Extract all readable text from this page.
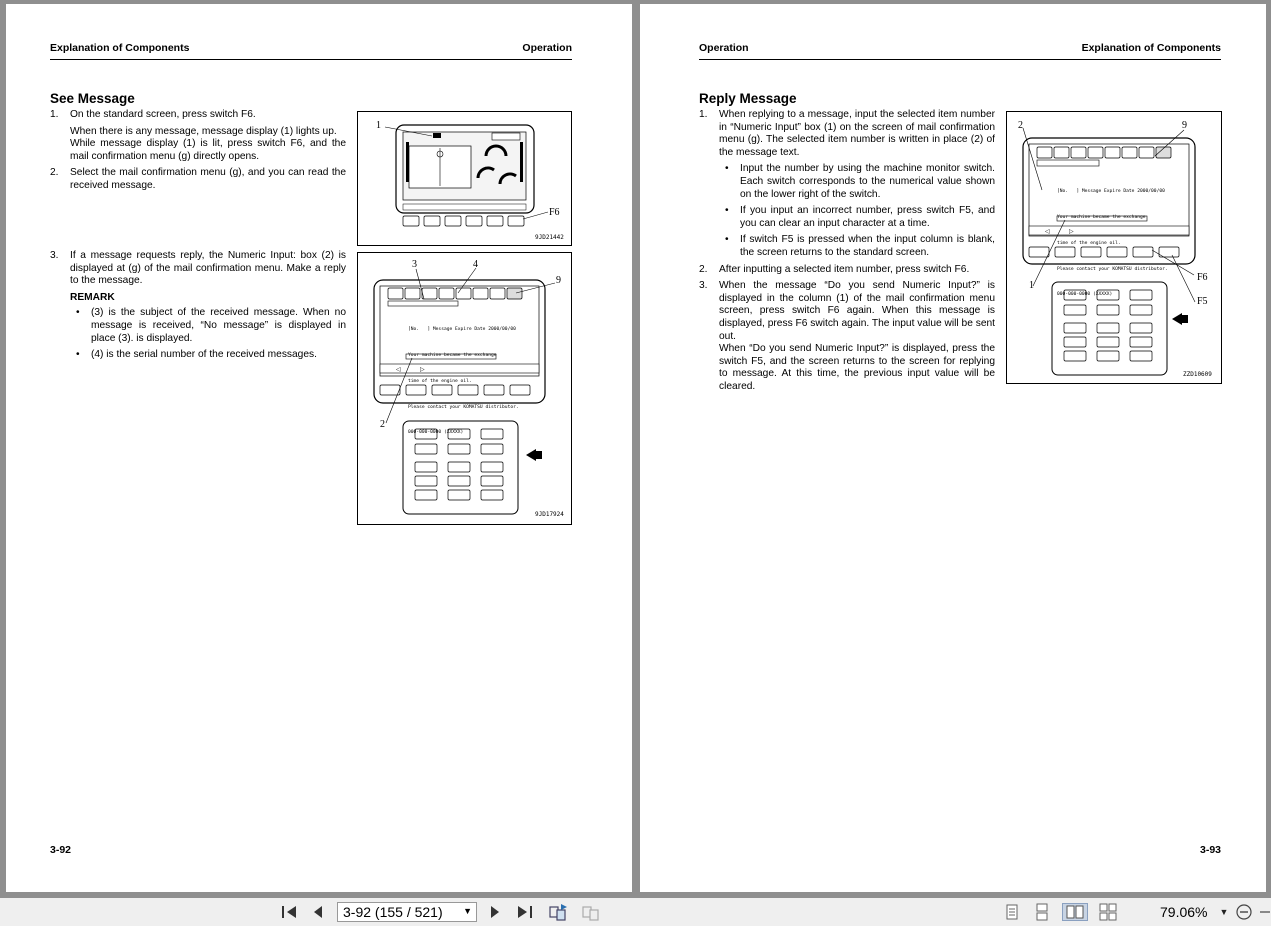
Explanation of Components	Operation
See Message
1. On the standard screen, press switch F6.
When there is any message, message display (1) lights up.
While message display (1) is lit, press switch F6, and the mail confirmation menu (g) directly opens.
2. Select the mail confirmation menu (g), and you can read the received message.
1
F6
9JD21442
3. If a message requests reply, the Numeric Input: box (2) is displayed at (g) of the mail confirmation menu. Make a reply to the message.
REMARK
• (3) is the subject of the received message. When no message is received, “No message” is displayed in place (3). is displayed.
• (4) is the serial number of the received messages.
◁	▷

[No.   ] Message Expire Date 2000/00/00

Your machine became the exchange

time of the engine oil.

Please contact your KOMATSU distributor.

000-000-0000 (XXXXX)

3	4
9
2
9JD17924
3-92
Operation	Explanation of Components
Reply Message
1. When replying to a message, input the selected item number in “Numeric Input” box (1) on the screen of mail confirmation menu (g). The selected item number is written in place (2) of the message text.
• Input the number by using the machine monitor switch. Each switch corresponds to the numerical value shown on the lower right of the switch.
• If you input an incorrect number, press switch F5, and you can clear an input character at a time.
• If switch F5 is pressed when the input column is blank, the screen returns to the standard screen.
2. After inputting a selected item number, press switch F6.
3. When the message “Do you send Numeric Input?” is displayed in the column (1) of the mail confirmation menu screen, press switch F6 again. When this message is displayed, press F6 switch again. The input value will be sent out.
When “Do you send Numeric Input?” is displayed, press the switch F5, and the screen returns to the screen for replying to message. At this time, the previous input value will be cleared.
◁	▷

[No.   ] Message Expire Date 2000/00/00

Your machine became the exchange

time of the engine oil.

Please contact your KOMATSU distributor.

000-000-0000 (XXXXX)

2	9
1
F6
F5
ZZD10609
3-93
3-92 (155 / 521) ▼	79.06% ▼
